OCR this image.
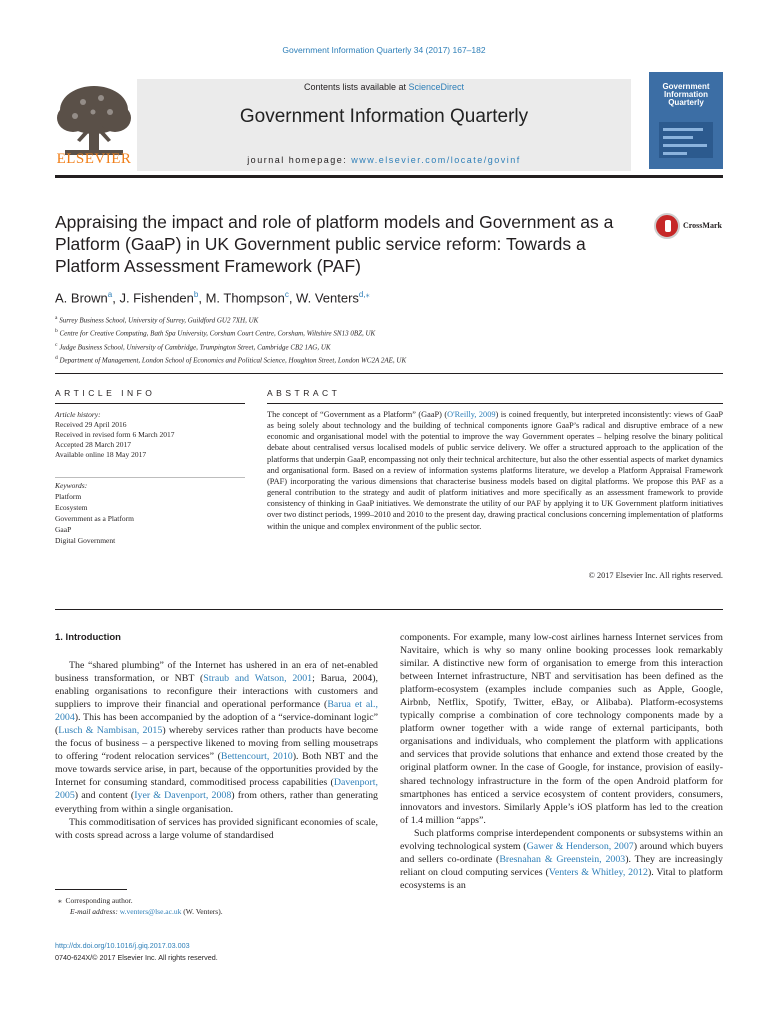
Government Information Quarterly 34 (2017) 167–182
ELSEVIER
Contents lists available at ScienceDirect
Government Information Quarterly
journal homepage: www.elsevier.com/locate/govinf
Government
Information
Quarterly
Appraising the impact and role of platform models and Government as a Platform (GaaP) in UK Government public service reform: Towards a Platform Assessment Framework (PAF)
CrossMark
A. Brown$^a$, J. Fishenden$^b$, M. Thompson$^c$, W. Venters$^{d,⁎}$
$^a$ Surrey Business School, University of Surrey, Guildford GU2 7XH, UK
$^b$ Centre for Creative Computing, Bath Spa University, Corsham Court Centre, Corsham, Wiltshire SN13 0BZ, UK
$^c$ Judge Business School, University of Cambridge, Trumpington Street, Cambridge CB2 1AG, UK
$^d$ Department of Management, London School of Economics and Political Science, Houghton Street, London WC2A 2AE, UK
ARTICLE INFO	ABSTRACT
Article history:
Received 29 April 2016
Received in revised form 6 March 2017
Accepted 28 March 2017
Available online 18 May 2017
Keywords:
Platform
Ecosystem
Government as a Platform
GaaP
Digital Government

The concept of “Government as a Platform” (GaaP) (O'Reilly, 2009) is coined frequently, but interpreted inconsistently: views of GaaP as being solely about technology and the building of technical components ignore GaaP’s radical and disruptive embrace of a new economic and organisational model with the potential to improve the way Government operates – helping resolve the binary political debate about centralised versus localised models of public service delivery. We offer a structured approach to the application of the platforms that underpin GaaP, encompassing not only their technical architecture, but also the other essential aspects of market dynamics and organisational form. Based on a review of information systems platforms literature, we develop a Platform Appraisal Framework (PAF) incorporating the various dimensions that characterise business models based on digital platforms. We propose this PAF as a general contribution to the strategy and audit of platform initiatives and more specifically as an assessment framework to provide consistency of thinking in GaaP initiatives. We demonstrate the utility of our PAF by applying it to UK Government platform initiatives over two distinct periods, 1999–2010 and 2010 to the present day, drawing practical conclusions concerning implementation of platforms within the unique and complex environment of the public sector.

© 2017 Elsevier Inc. All rights reserved.
1. Introduction

The “shared plumbing” of the Internet has ushered in an era of net-enabled business transformation, or NBT (Straub and Watson, 2001; Barua, 2004), enabling organisations to reconfigure their interactions with customers and suppliers to improve their financial and operational performance (Barua et al., 2004). This has been accompanied by the adoption of a “service-dominant logic” (Lusch & Nambisan, 2015) whereby services rather than products have become the focus of business – a perspective likened to moving from selling mousetraps to offering “rodent relocation services” (Bettencourt, 2010). Both NBT and the move towards service arise, in part, because of the opportunities provided by the Internet for consuming standard, commoditised process capabilities (Davenport, 2005) and content (Iyer & Davenport, 2008) from others, rather than generating everything from within a single organisation.

This commoditisation of services has provided significant economies of scale, with costs spread across a large volume of standardised

components. For example, many low-cost airlines harness Internet services from Navitaire, which is why so many online booking processes look remarkably similar. A distinctive new form of organisation to emerge from this interaction between Internet infrastructure, NBT and servitisation has been defined as the platform-ecosystem (examples include companies such as Apple, Google, Airbnb, Netflix, Spotify, Twitter, eBay, or Alibaba). Platform-ecosystems typically comprise a combination of core technology components made by a platform owner together with a wide range of external participants, both organisations and individuals, who complement the platform with applications and services that provide solutions that enhance and extend those created by the original platform owner. In the case of Google, for instance, provision of easily-shared technology infrastructure in the form of the open Android platform for smartphones has enticed a service ecosystem of content providers, consumers, innovators and investors. Similarly Apple’s iOS platform has led to the creation of 1.4 million “apps”.

Such platforms comprise interdependent components or subsystems within an evolving technological system (Gawer & Henderson, 2007) around which buyers and sellers co-ordinate (Bresnahan & Greenstein, 2003). They are increasingly reliant on cloud computing services (Venters & Whitley, 2012). Vital to platform ecosystems is an

⁎ Corresponding author.
E-mail address: w.venters@lse.ac.uk (W. Venters).
http://dx.doi.org/10.1016/j.giq.2017.03.003
0740-624X/© 2017 Elsevier Inc. All rights reserved.
